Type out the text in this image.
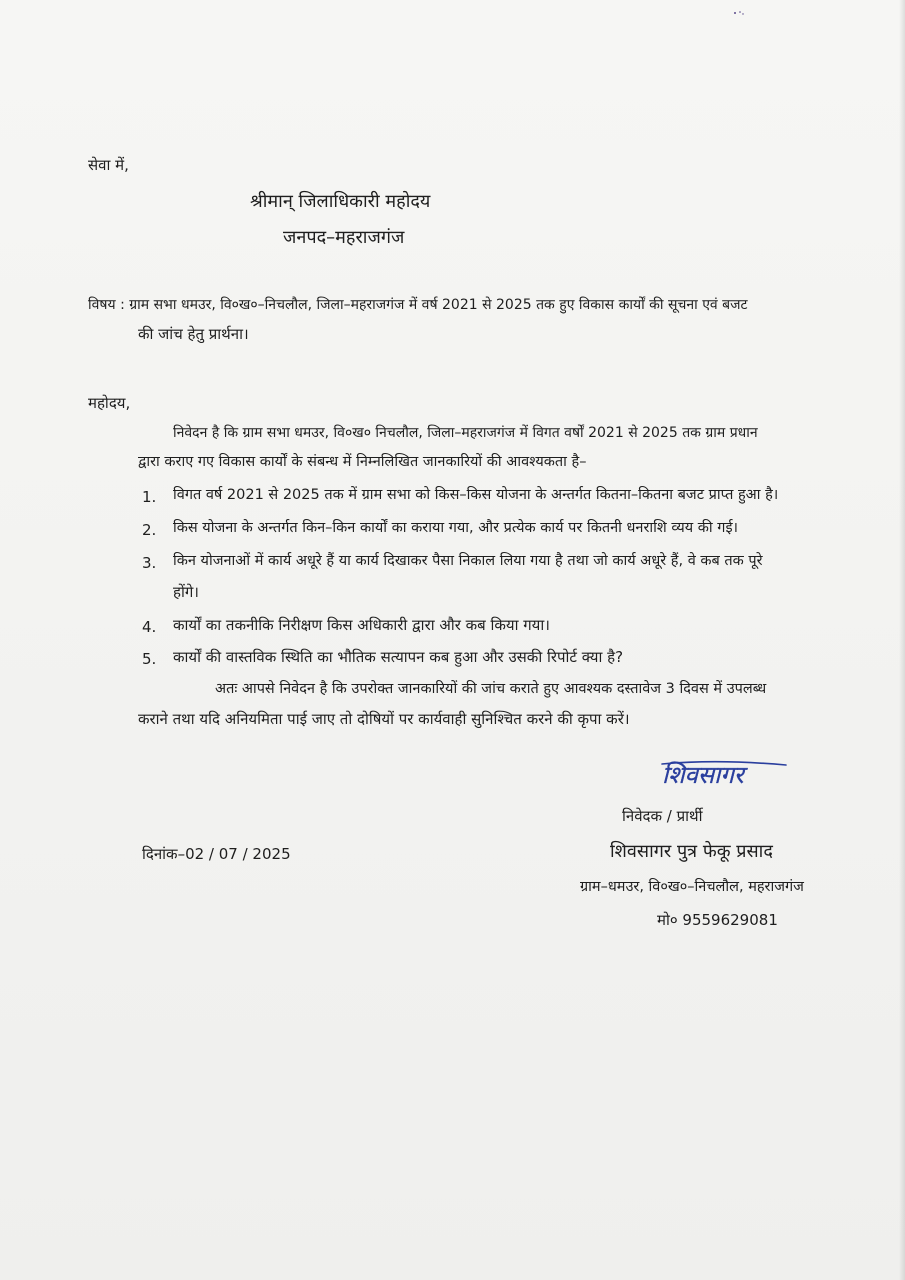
सेवा में,
श्रीमान् जिलाधिकारी महोदय
जनपद–महराजगंज
विषय : ग्राम सभा धमउर, वि०ख०–निचलौल, जिला–महराजगंज में वर्ष 2021 से 2025 तक हुए विकास कार्यों की सूचना एवं बजट
की जांच हेतु प्रार्थना।
महोदय,
निवेदन है कि ग्राम सभा धमउर, वि०ख० निचलौल, जिला–महराजगंज में विगत वर्षों 2021 से 2025 तक ग्राम प्रधान
द्वारा कराए गए विकास कार्यों के संबन्ध में निम्नलिखित जानकारियों की आवश्यकता है–
1. विगत वर्ष 2021 से 2025 तक में ग्राम सभा को किस–किस योजना के अन्तर्गत कितना–कितना बजट प्राप्त हुआ है।
2. किस योजना के अन्तर्गत किन–किन कार्यों का कराया गया, और प्रत्येक कार्य पर कितनी धनराशि व्यय की गई।
3. किन योजनाओं में कार्य अधूरे हैं या कार्य दिखाकर पैसा निकाल लिया गया है तथा जो कार्य अधूरे हैं, वे कब तक पूरे
होंगे।
4. कार्यों का तकनीकि निरीक्षण किस अधिकारी द्वारा और कब किया गया।
5. कार्यों की वास्तविक स्थिति का भौतिक सत्यापन कब हुआ और उसकी रिपोर्ट क्या है?
अतः आपसे निवेदन है कि उपरोक्त जानकारियों की जांच कराते हुए आवश्यक दस्तावेज 3 दिवस में उपलब्ध
कराने तथा यदि अनियमिता पाई जाए तो दोषियों पर कार्यवाही सुनिश्चित करने की कृपा करें।
शिवसागर
निवेदक / प्रार्थी
शिवसागर पुत्र फेकू प्रसाद
ग्राम–धमउर, वि०ख०–निचलौल, महराजगंज
मो० 9559629081
दिनांक–02 / 07 / 2025
